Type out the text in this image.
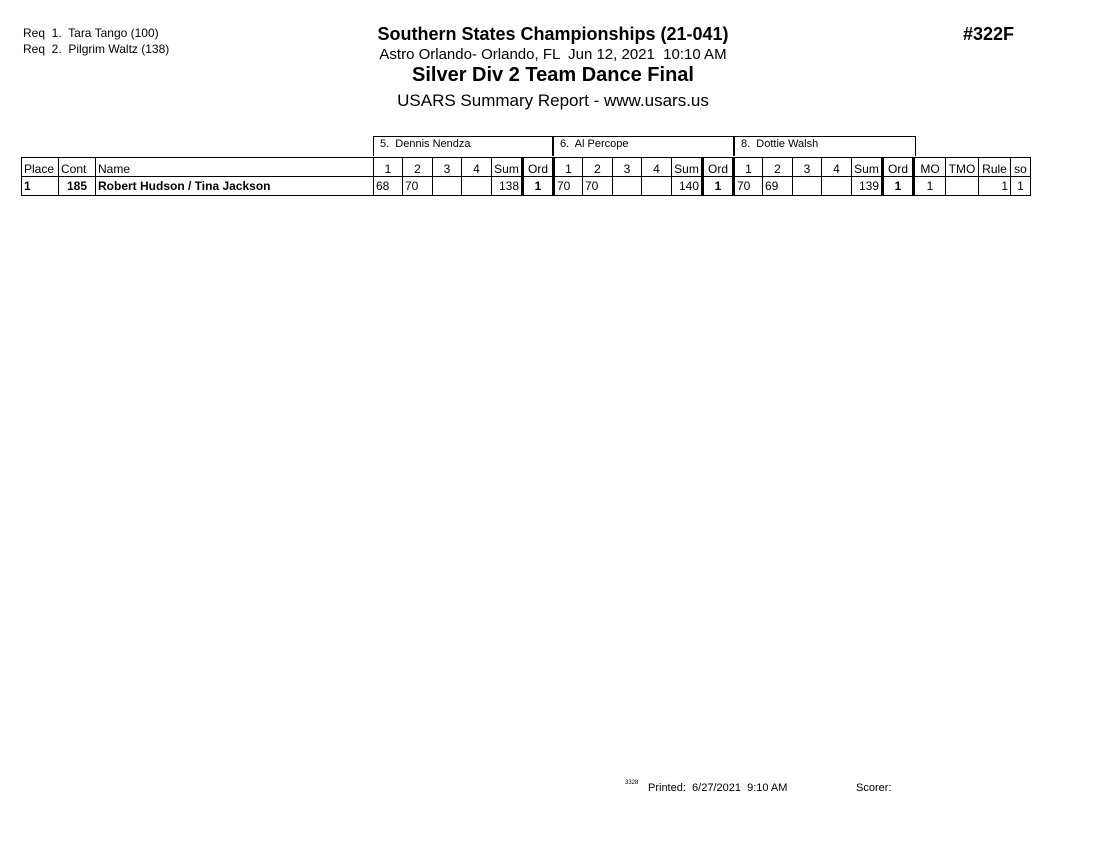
Req  1.  Tara Tango (100)
Req  2.  Pilgrim Waltz (138)
Southern States Championships (21-041)
Astro Orlando- Orlando, FL  Jun 12, 2021  10:10 AM
Silver Div 2 Team Dance Final
USARS Summary Report - www.usars.us
#322F
5.  Dennis Nendza	6.  Al Percope	8.  Dottie Walsh
Place	Cont	Name	1	2	3	4	Sum	Ord	1	2	3	4	Sum	Ord	1	2	3	4	Sum	Ord	MO	TMO	Rule	so
1	185	Robert Hudson / Tina Jackson	68	70			138	1	70	70			140	1	70	69			139	1	1		1	1
3328 Printed:  6/27/2021  9:10 AM	Scorer:
